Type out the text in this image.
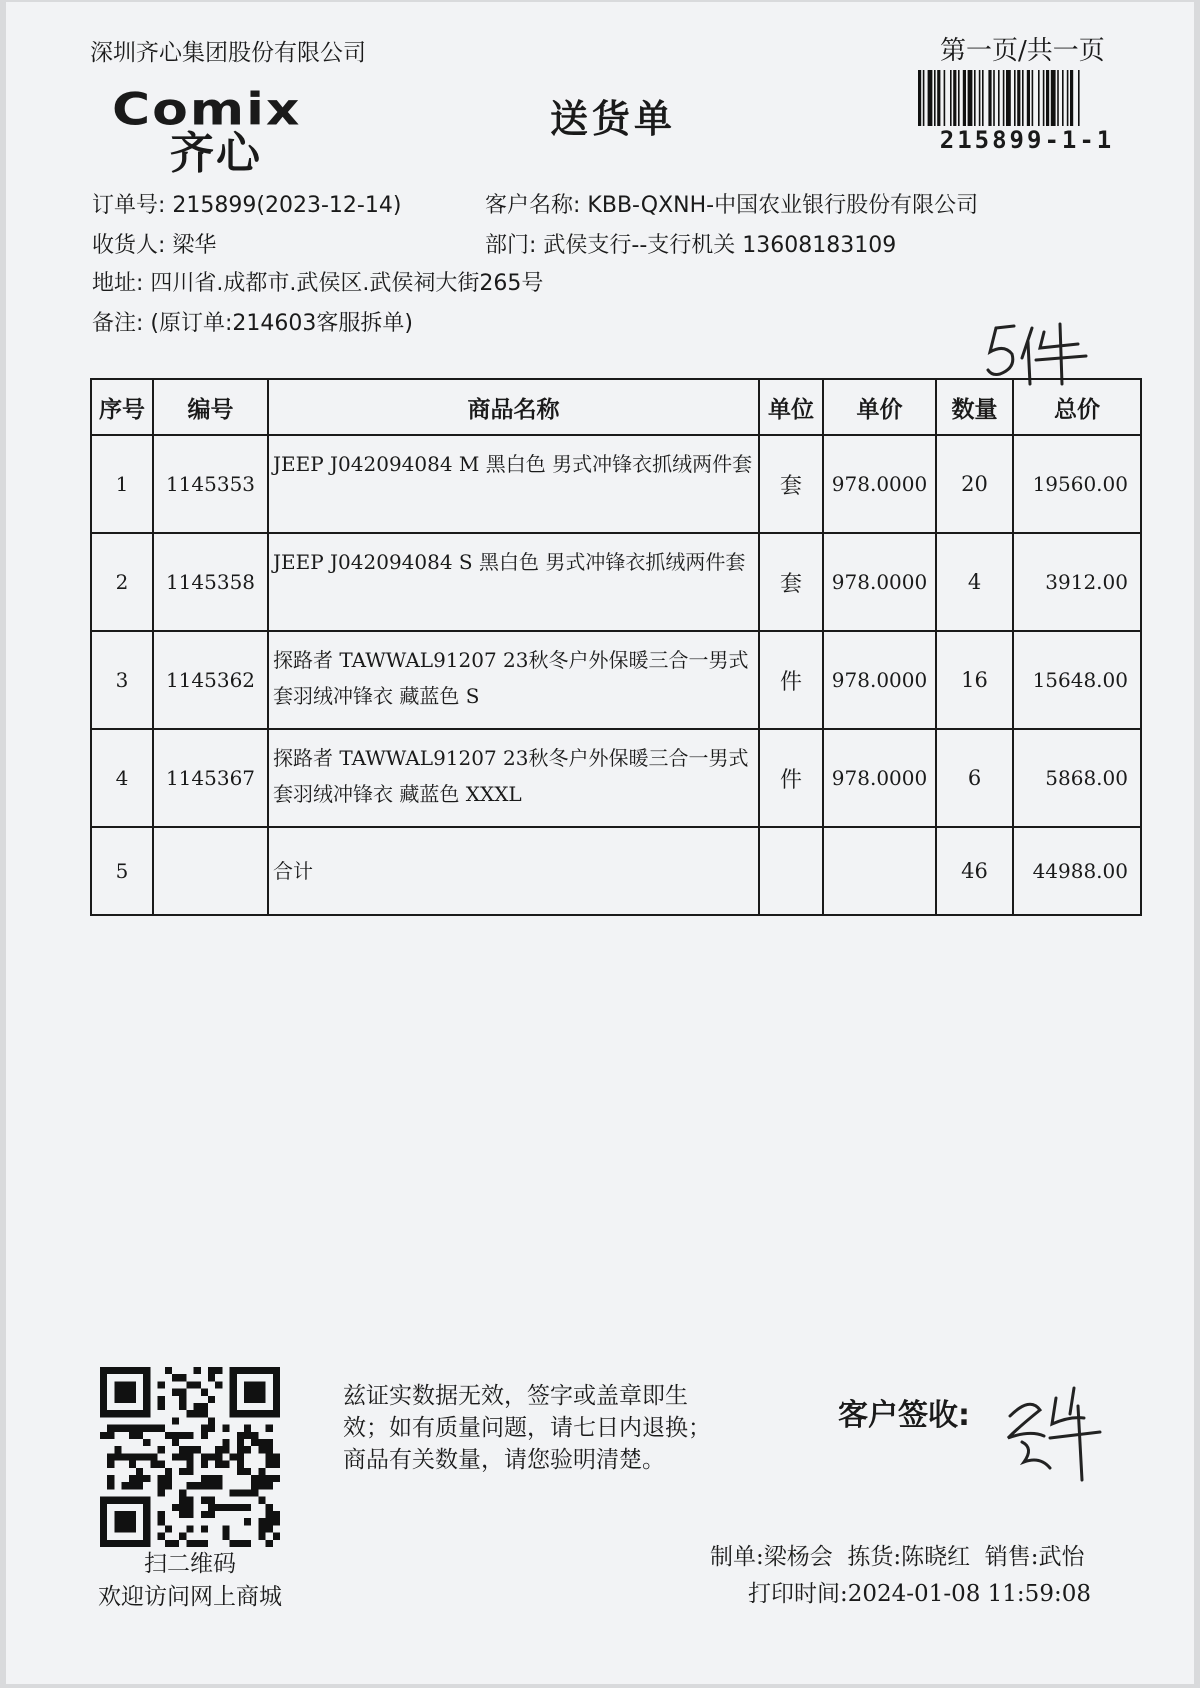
深圳齐心集团股份有限公司	第一页/共一页
215899-1-1
Comix
齐心
送货单
订单号: 215899(2023-12-14)
收货人: 梁华
地址: 四川省.成都市.武侯区.武侯祠大街265号
备注: (原订单:214603客服拆单)
客户名称: KBB-QXNH-中国农业银行股份有限公司
部门: 武侯支行--支行机关 13608183109
序号	编号	商品名称	单位	单价	数量	总价
1	1145353	JEEP J042094084 M 黑白色 男式冲锋衣抓绒两件套	套	978.0000	20	19560.00
2	1145358	JEEP J042094084 S 黑白色 男式冲锋衣抓绒两件套	套	978.0000	4	3912.00
3	1145362	探路者 TAWWAL91207 23秋冬户外保暖三合一男式套羽绒冲锋衣 藏蓝色 S	件	978.0000	16	15648.00
4	1145367	探路者 TAWWAL91207 23秋冬户外保暖三合一男式套羽绒冲锋衣 藏蓝色 XXXL	件	978.0000	6	5868.00
5		合计			46	44988.00
扫二维码
欢迎访问网上商城
兹证实数据无效，签字或盖章即生
效；如有质量问题，请七日内退换；
商品有关数量，请您验明清楚。
客户签收:
制单:梁杨会 拣货:陈晓红 销售:武怡
打印时间:2024-01-08 11:59:08
